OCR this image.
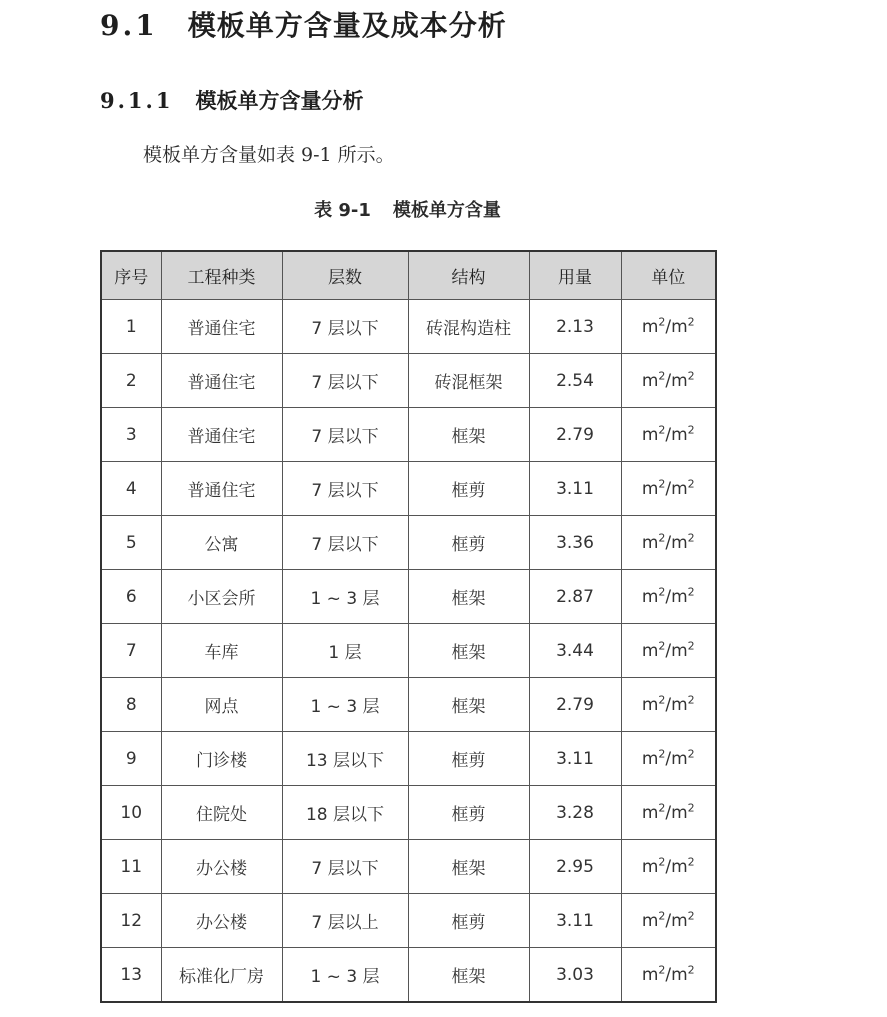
9.1 模板单方含量及成本分析
9.1.1 模板单方含量分析
模板单方含量如表 9-1 所示。
表 9-1 模板单方含量
序号	工程种类	层数	结构	用量	单位
1	普通住宅	7 层以下	砖混构造柱	2.13	$m^2/m^2$
2	普通住宅	7 层以下	砖混框架	2.54	$m^2/m^2$
3	普通住宅	7 层以下	框架	2.79	$m^2/m^2$
4	普通住宅	7 层以下	框剪	3.11	$m^2/m^2$
5	公寓	7 层以下	框剪	3.36	$m^2/m^2$
6	小区会所	1 ~ 3 层	框架	2.87	$m^2/m^2$
7	车库	1 层	框架	3.44	$m^2/m^2$
8	网点	1 ~ 3 层	框架	2.79	$m^2/m^2$
9	门诊楼	13 层以下	框剪	3.11	$m^2/m^2$
10	住院处	18 层以下	框剪	3.28	$m^2/m^2$
11	办公楼	7 层以下	框架	2.95	$m^2/m^2$
12	办公楼	7 层以上	框剪	3.11	$m^2/m^2$
13	标准化厂房	1 ~ 3 层	框架	3.03	$m^2/m^2$
